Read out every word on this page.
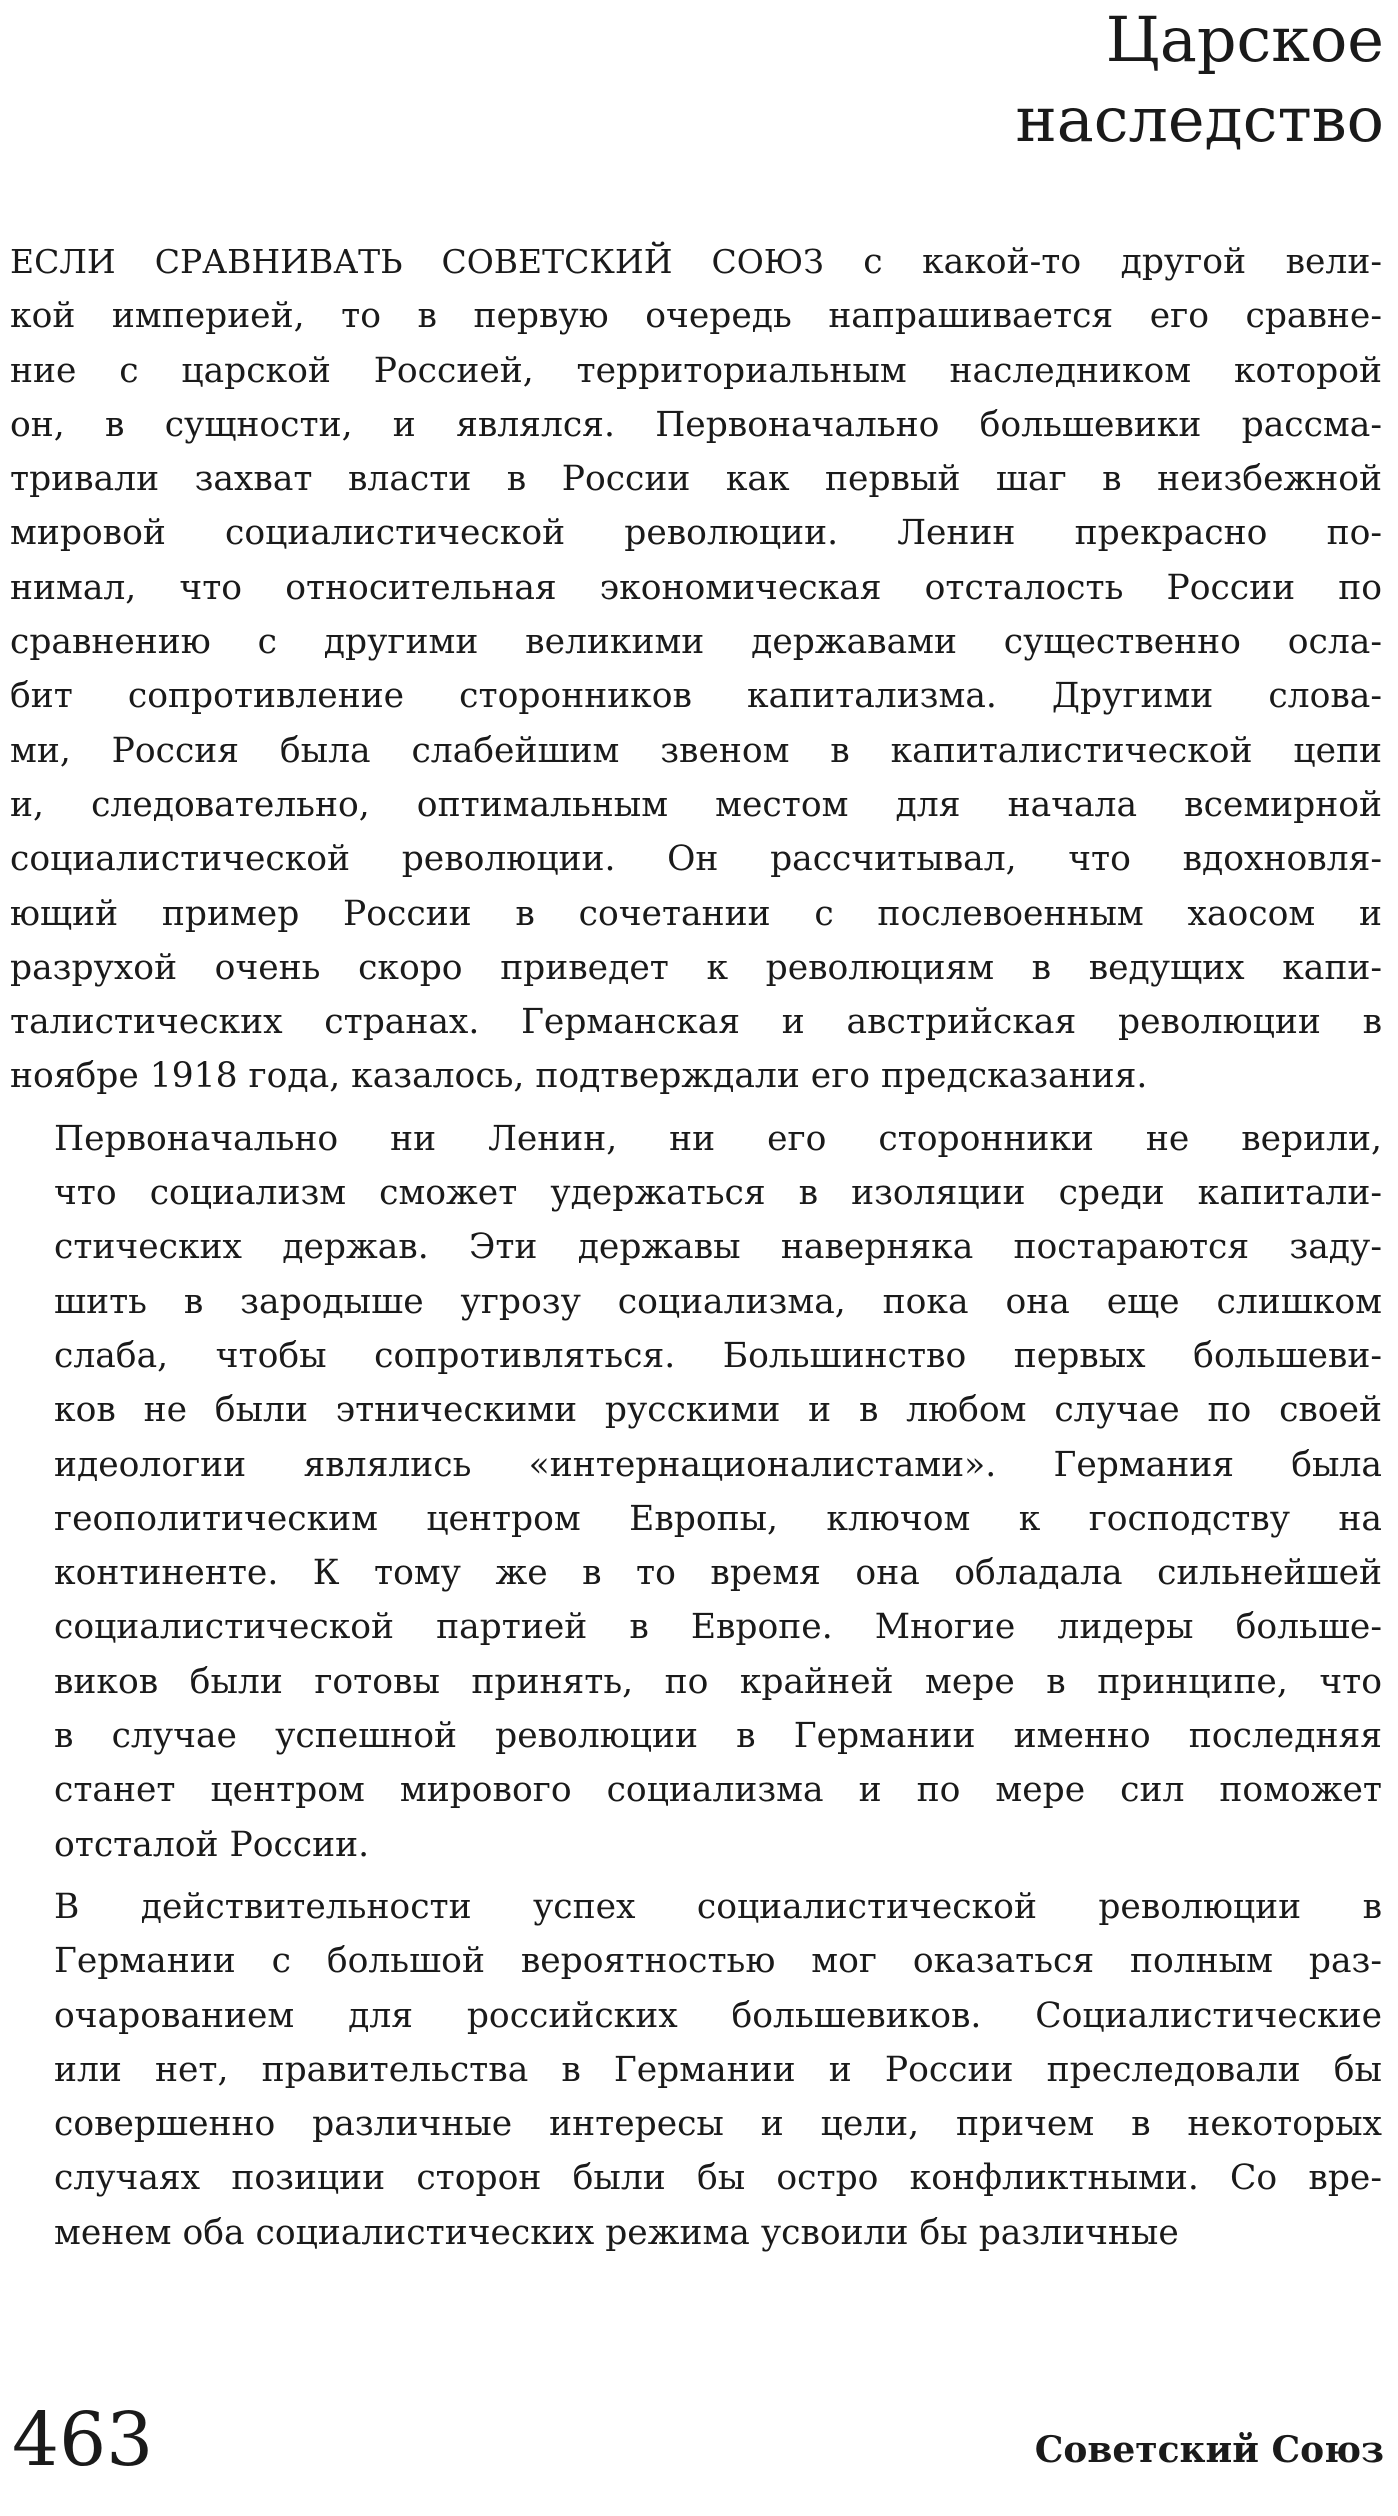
Царское
наследство

ЕСЛИ СРАВНИВАТЬ СОВЕТСКИЙ СОЮЗ с какой-то другой вели-
кой империей, то в первую очередь напрашивается его сравне-
ние с царской Россией, территориальным наследником которой
он, в сущности, и являлся. Первоначально большевики рассма-
тривали захват власти в России как первый шаг в неизбежной
мировой социалистической революции. Ленин прекрасно по-
нимал, что относительная экономическая отсталость России по
сравнению с другими великими державами существенно осла-
бит сопротивление сторонников капитализма. Другими слова-
ми, Россия была слабейшим звеном в капиталистической цепи
и, следовательно, оптимальным местом для начала всемирной
социалистической революции. Он рассчитывал, что вдохновля-
ющий пример России в сочетании с послевоенным хаосом и
разрухой очень скоро приведет к революциям в ведущих капи-
талистических странах. Германская и австрийская революции в
ноябре 1918 года, казалось, подтверждали его предсказания.

Первоначально ни Ленин, ни его сторонники не верили,
что социализм сможет удержаться в изоляции среди капитали-
стических держав. Эти державы наверняка постараются заду-
шить в зародыше угрозу социализма, пока она еще слишком
слаба, чтобы сопротивляться. Большинство первых большеви-
ков не были этническими русскими и в любом случае по своей
идеологии являлись «интернационалистами». Германия была
геополитическим центром Европы, ключом к господству на
континенте. К тому же в то время она обладала сильнейшей
социалистической партией в Европе. Многие лидеры больше-
виков были готовы принять, по крайней мере в принципе, что
в случае успешной революции в Германии именно последняя
станет центром мирового социализма и по мере сил поможет
отсталой России.

В действительности успех социалистической революции в
Германии с большой вероятностью мог оказаться полным раз-
очарованием для российских большевиков. Социалистические
или нет, правительства в Германии и России преследовали бы
совершенно различные интересы и цели, причем в некоторых
случаях позиции сторон были бы остро конфликтными. Со вре-
менем оба социалистических режима усвоили бы различные

463	Советский Союз
